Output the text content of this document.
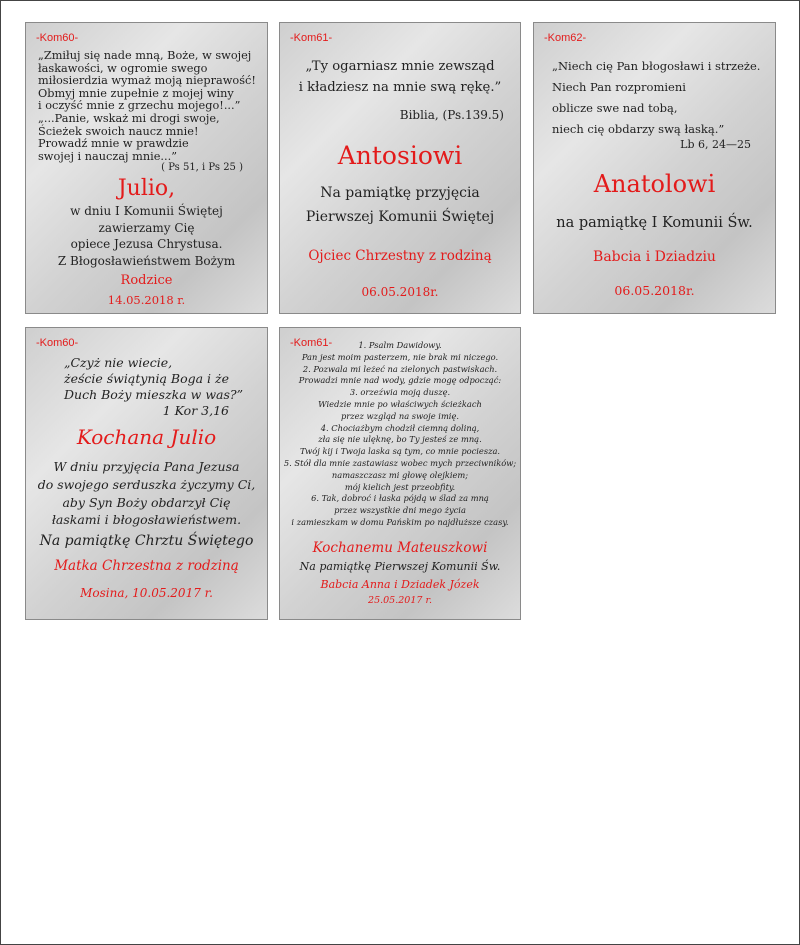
-Kom60-
„Zmiłuj się nade mną, Boże, w swojej
łaskawości, w ogromie swego
miłosierdzia wymaż moją nieprawość!
Obmyj mnie zupełnie z mojej winy
i oczyść mnie z grzechu mojego!...”
„...Panie, wskaż mi drogi swoje,
Ścieżek swoich naucz mnie!
Prowadź mnie w prawdzie
swojej i nauczaj mnie...”
( Ps 51, i Ps 25 )
Julio,
w dniu I Komunii Świętej
zawierzamy Cię
opiece Jezusa Chrystusa.
Z Błogosławieństwem Bożym
Rodzice
14.05.2018 r.
-Kom61-
„Ty ogarniasz mnie zewsząd
i kładziesz na mnie swą rękę.”
Biblia, (Ps.139.5)
Antosiowi
Na pamiątkę przyjęcia
Pierwszej Komunii Świętej
Ojciec Chrzestny z rodziną
06.05.2018r.
-Kom62-
„Niech cię Pan błogosławi i strzeże.
Niech Pan rozpromieni
oblicze swe nad tobą,
niech cię obdarzy swą łaską.”
Lb 6, 24—25
Anatolowi
na pamiątkę I Komunii Św.
Babcia i Dziadziu
06.05.2018r.
-Kom60-
„Czyż nie wiecie,
żeście świątynią Boga i że
Duch Boży mieszka w was?”
1 Kor 3,16
Kochana Julio
W dniu przyjęcia Pana Jezusa
do swojego serduszka życzymy Ci,
aby Syn Boży obdarzył Cię
łaskami i błogosławieństwem.
Na pamiątkę Chrztu Świętego
Matka Chrzestna z rodziną
Mosina, 10.05.2017 r.
-Kom61-	1. Psalm Dawidowy.
Pan jest moim pasterzem, nie brak mi niczego.
2. Pozwala mi leżeć na zielonych pastwiskach.
Prowadzi mnie nad wody, gdzie mogę odpocząć:
3. orzeźwia moją duszę.
Wiedzie mnie po właściwych ścieżkach
przez wzgląd na swoje imię.
4. Chociażbym chodził ciemną doliną,
zła się nie ulęknę, bo Ty jesteś ze mną.
Twój kij i Twoja laska są tym, co mnie pociesza.
5. Stół dla mnie zastawiasz wobec mych przeciwników;
namaszczasz mi głowę olejkiem;
mój kielich jest przeobfity.
6. Tak, dobroć i łaska pójdą w ślad za mną
przez wszystkie dni mego życia
i zamieszkam w domu Pańskim po najdłuższe czasy.
Kochanemu Mateuszkowi
Na pamiątkę Pierwszej Komunii Św.
Babcia Anna i Dziadek Józek
25.05.2017 r.
